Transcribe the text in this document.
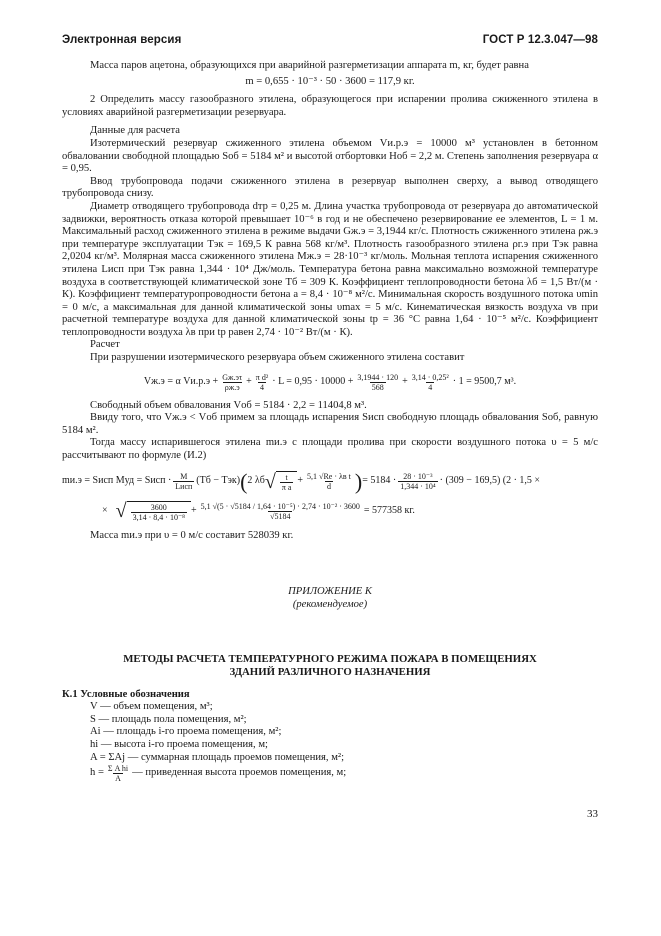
Электронная версия	ГОСТ Р 12.3.047—98

Масса паров ацетона, образующихся при аварийной разгерметизации аппарата m, кг, будет равна

m = 0,655 · 10⁻³ · 50 · 3600 = 117,9 кг.

2 Определить массу газообразного этилена, образующегося при испарении пролива сжиженного этилена в условиях аварийной разгерметизации резервуара.

Данные для расчета

Изотермический резервуар сжиженного этилена объемом Vи.р.э = 10000 м³ установлен в бетонном обваловании свободной площадью Sоб = 5184 м² и высотой отбортовки Hоб = 2,2 м. Степень заполнения резервуара α = 0,95.

Ввод трубопровода подачи сжиженного этилена в резервуар выполнен сверху, а вывод отводящего трубопровода снизу.

Диаметр отводящего трубопровода dтр = 0,25 м. Длина участка трубопровода от резервуара до автоматической задвижки, вероятность отказа которой превышает 10⁻⁶ в год и не обеспечено резервирование ее элементов, L = 1 м. Максимальный расход сжиженного этилена в режиме выдачи Gж.э = 3,1944 кг/с. Плотность сжиженного этилена ρж.э при температуре эксплуатации Tэк = 169,5 К равна 568 кг/м³. Плотность газообразного этилена ρг.э при Tэк равна 2,0204 кг/м³. Молярная масса сжиженного этилена Mж.э = 28·10⁻³ кг/моль. Мольная теплота испарения сжиженного этилена Lисп при Tэк равна 1,344 · 10⁴ Дж/моль. Температура бетона равна максимально возможной температуре воздуха в соответствующей климатической зоне Tб = 309 К. Коэффициент теплопроводности бетона λб = 1,5 Вт/(м · К). Коэффициент температуропроводности бетона a = 8,4 · 10⁻⁸ м²/с. Минимальная скорость воздушного потока υmin = 0 м/с, а максимальная для данной климатической зоны υmax = 5 м/с. Кинематическая вязкость воздуха νв при расчетной температуре воздуха для данной климатической зоны tр = 36 °С равна 1,64 · 10⁻⁵ м²/с. Коэффициент теплопроводности воздуха λв при tр равен 2,74 · 10⁻² Вт/(м · К).

Расчет

При разрушении изотермического резервуара объем сжиженного этилена составит

Vж.э = α $Vи.р.э + \frac{Gж.э\tau}{\rho ж.э} + \frac{\text{π d²}}{4} \cdot L = 0,95 \cdot 10000 + \frac{3,1944 \cdot 120}{568} + \frac{\text{3,14 · 0,25²}}{4} \cdot 1 = 9500,7$ м³.

Свободный объем обвалования Vоб = 5184 · 2,2 = 11404,8 м³.

Ввиду того, что Vж.э < Vоб примем за площадь испарения Sисп свободную площадь обвалования Sоб, равную 5184 м².

Тогда массу испарившегося этилена mи.э с площади пролива при скорости воздушного потока υ = 5 м/с рассчитывают по формуле (И.2)

mи.э = Sисп Mуд = Sисп · $\frac{M}{\text{Lисп}} (Tб - Tэк)$ ( 2 λб √ $\frac{t}{\text{π a}} + \frac{\text{5,1 √Re · λв t}}{d}$ ) = $5184 \cdot \frac{\text{28 · 10⁻³}}{\text{1,344 · 10⁴}} \cdot (309 - 169,5) (2 \cdot 1,5$ ×
× √ $\frac{3600}{\text{3,14 · 8,4 · 10⁻⁸}} + \frac{\text{5,1 √(5 · √5184 / 1,64 · 10⁻⁵) · 2,74 · 10⁻² · 3600}}{√5184} = 577358$ кг.

Масса mи.э при υ = 0 м/с составит 528039 кг.

ПРИЛОЖЕНИЕ К
(рекомендуемое)
МЕТОДЫ РАСЧЕТА ТЕМПЕРАТУРНОГО РЕЖИМА ПОЖАРА В ПОМЕЩЕНИЯХ
ЗДАНИЙ РАЗЛИЧНОГО НАЗНАЧЕНИЯ
К.1 Условные обозначения
V — объем помещения, м³;
S — площадь пола помещения, м²;
Ai — площадь i-го проема помещения, м²;
hi — высота i-го проема помещения, м;
A = ΣAj — суммарная площадь проемов помещения, м²;
$h = \frac{\text{Σ A hi}}{A}$ — приведенная высота проемов помещения, м;
33
